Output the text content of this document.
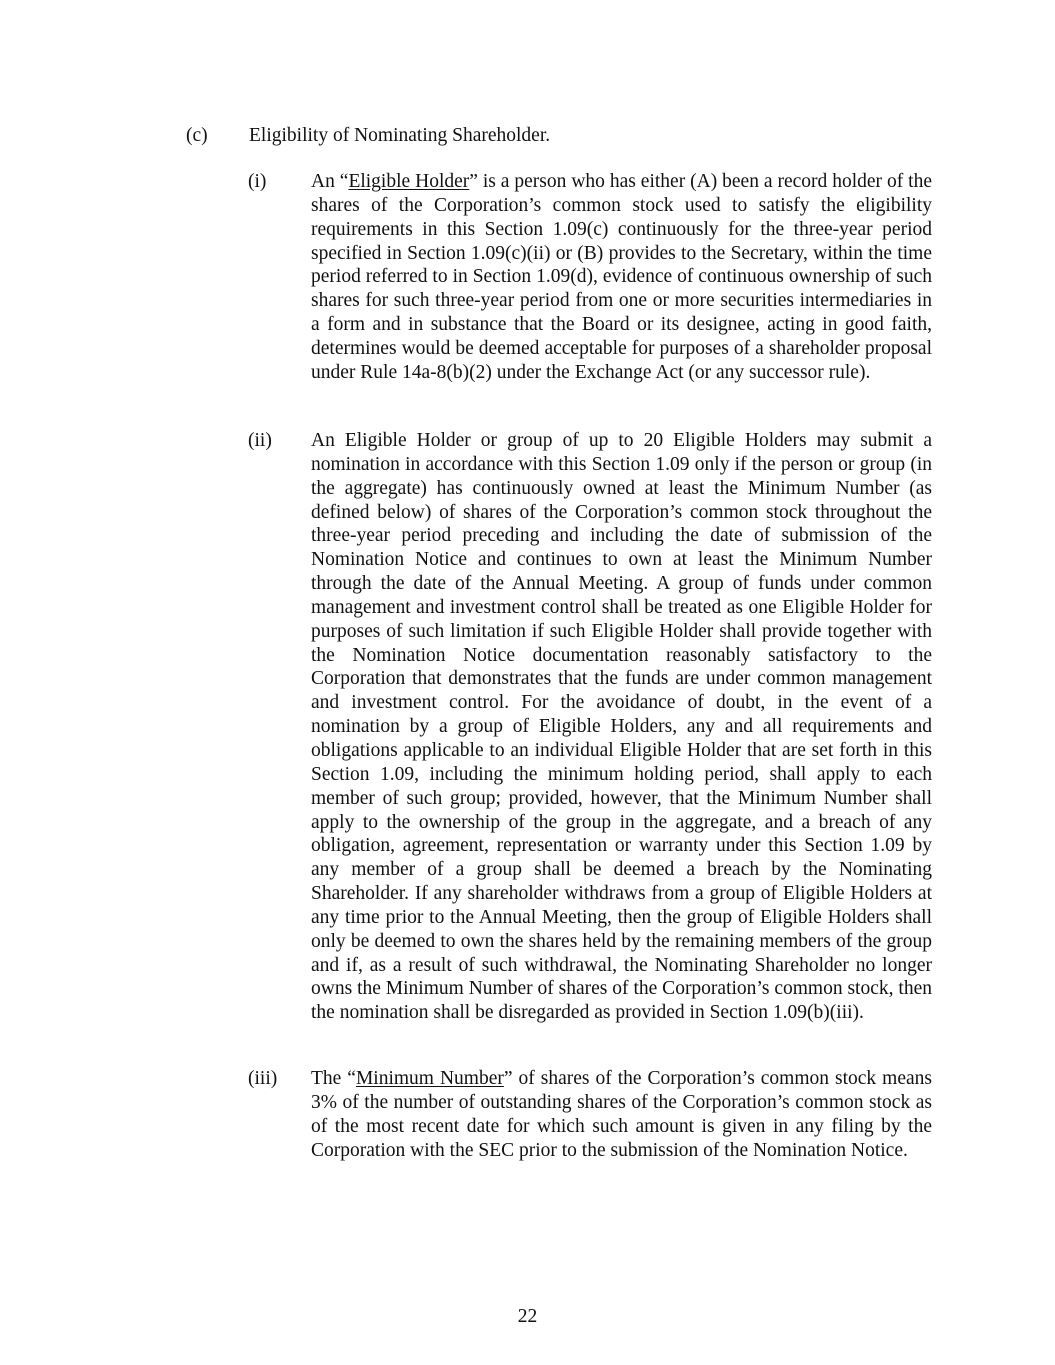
(c) Eligibility of Nominating Shareholder.
(i) An “Eligible Holder” is a person who has either (A) been a record holder of the shares of the Corporation’s common stock used to satisfy the eligibility requirements in this Section 1.09(c) continuously for the three-year period specified in Section 1.09(c)(ii) or (B) provides to the Secretary, within the time period referred to in Section 1.09(d), evidence of continuous ownership of such shares for such three-year period from one or more securities intermediaries in a form and in substance that the Board or its designee, acting in good faith, determines would be deemed acceptable for purposes of a shareholder proposal under Rule 14a-8(b)(2) under the Exchange Act (or any successor rule).
(ii) An Eligible Holder or group of up to 20 Eligible Holders may submit a nomination in accordance with this Section 1.09 only if the person or group (in the aggregate) has continuously owned at least the Minimum Number (as defined below) of shares of the Corporation’s common stock throughout the three-year period preceding and including the date of submission of the Nomination Notice and continues to own at least the Minimum Number through the date of the Annual Meeting. A group of funds under common management and investment control shall be treated as one Eligible Holder for purposes of such limitation if such Eligible Holder shall provide together with the Nomination Notice documentation reasonably satisfactory to the Corporation that demonstrates that the funds are under common management and investment control. For the avoidance of doubt, in the event of a nomination by a group of Eligible Holders, any and all requirements and obligations applicable to an individual Eligible Holder that are set forth in this Section 1.09, including the minimum holding period, shall apply to each member of such group; provided, however, that the Minimum Number shall apply to the ownership of the group in the aggregate, and a breach of any obligation, agreement, representation or warranty under this Section 1.09 by any member of a group shall be deemed a breach by the Nominating Shareholder. If any shareholder withdraws from a group of Eligible Holders at any time prior to the Annual Meeting, then the group of Eligible Holders shall only be deemed to own the shares held by the remaining members of the group and if, as a result of such withdrawal, the Nominating Shareholder no longer owns the Minimum Number of shares of the Corporation’s common stock, then the nomination shall be disregarded as provided in Section 1.09(b)(iii).
(iii) The “Minimum Number” of shares of the Corporation’s common stock means 3% of the number of outstanding shares of the Corporation’s common stock as of the most recent date for which such amount is given in any filing by the Corporation with the SEC prior to the submission of the Nomination Notice.
22
